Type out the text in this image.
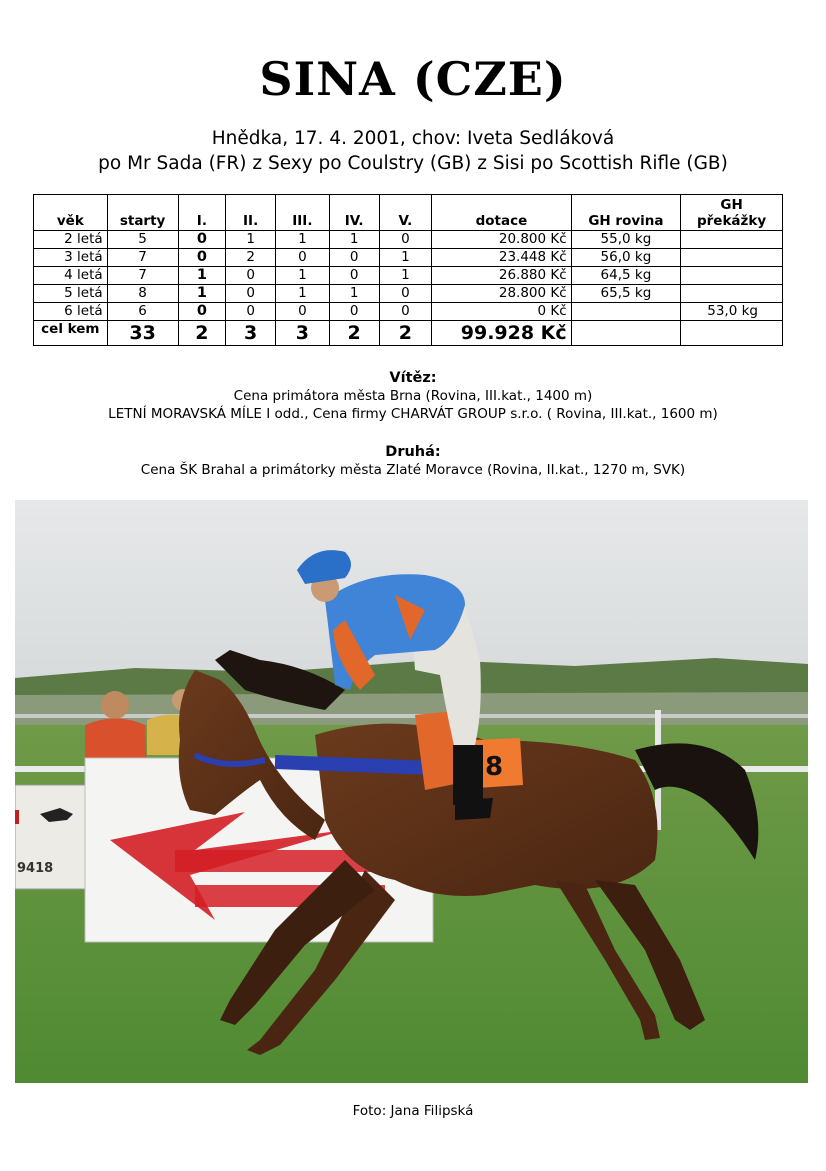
SINA (CZE)
Hnědka, 17. 4. 2001, chov: Iveta Sedláková
po Mr Sada (FR) z Sexy po Coulstry (GB) z Sisi po Scottish Rifle (GB)
věk	starty	I.	II.	III.	IV.	V.	dotace	GH rovina	GH překážky
2 letá	5	0	1	1	1	0	20.800 Kč	55,0 kg	
3 letá	7	0	2	0	0	1	23.448 Kč	56,0 kg	
4 letá	7	1	0	1	0	1	26.880 Kč	64,5 kg	
5 letá	8	1	0	1	1	0	28.800 Kč	65,5 kg	
6 letá	6	0	0	0	0	0	0 Kč		53,0 kg
cel kem	33	2	3	3	2	2	99.928 Kč		
Vítěz:
Cena primátora města Brna (Rovina, III.kat., 1400 m)
LETNÍ MORAVSKÁ MÍLE I odd., Cena firmy CHARVÁT GROUP s.r.o. ( Rovina, III.kat., 1600 m)
Druhá:
Cena ŠK Brahal a primátorky města Zlaté Moravce (Rovina, II.kat., 1270 m, SVK)
9418
8
Foto: Jana Filipská
